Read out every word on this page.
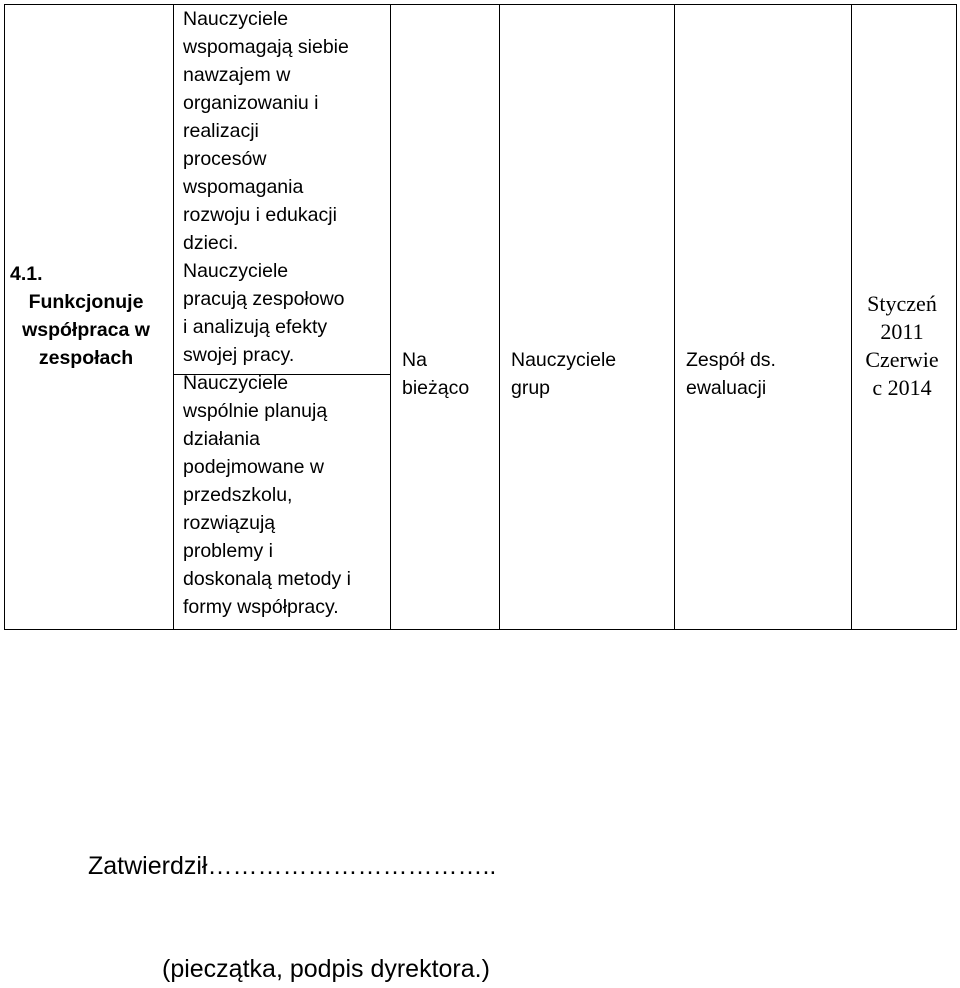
4.1.
Funkcjonuje
współpraca w
zespołach
Nauczyciele
wspomagają siebie
nawzajem w
organizowaniu i
realizacji
procesów
wspomagania
rozwoju i edukacji
dzieci.
Nauczyciele
pracują zespołowo
i analizują efekty
swojej pracy.
Nauczyciele
wspólnie planują
działania
podejmowane w
przedszkolu,
rozwiązują
problemy i
doskonalą metody i
formy współpracy.
Na
bieżąco
Nauczyciele
grup
Zespół ds.
ewaluacji
Styczeń
2011
Czerwie
c 2014
Zatwierdził……………………………..
(pieczątka, podpis dyrektora.)
